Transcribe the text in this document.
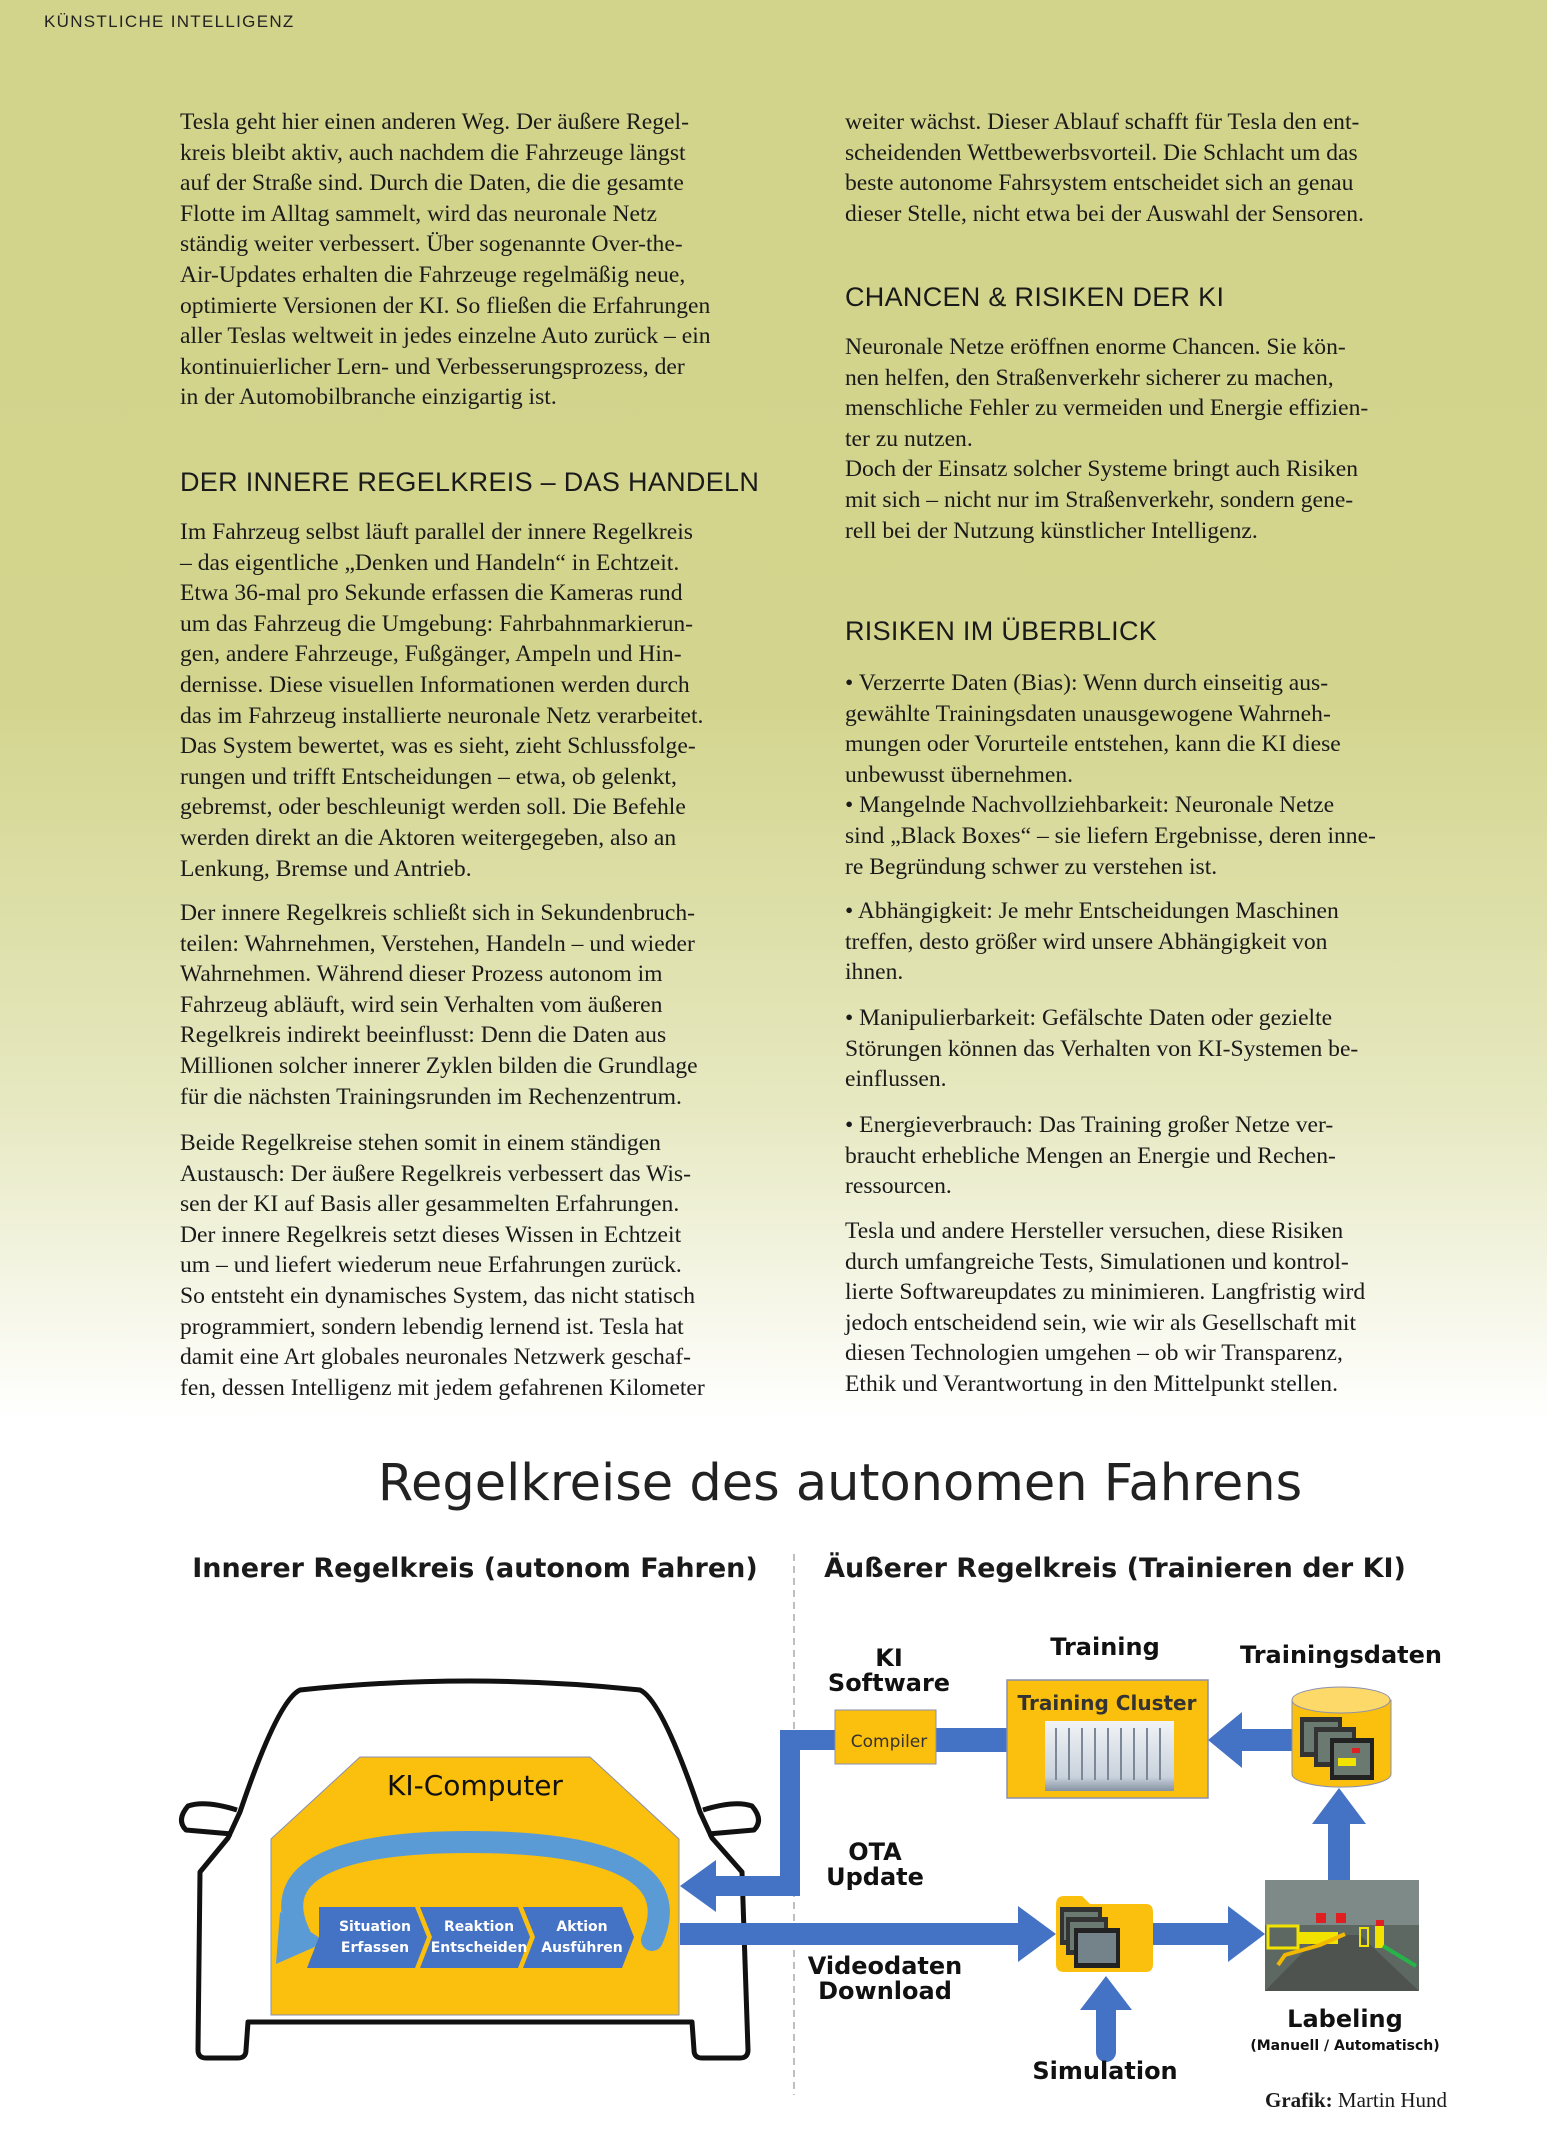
KÜNSTLICHE INTELLIGENZ
Tesla geht hier einen anderen Weg. Der äußere Regel-
kreis bleibt aktiv, auch nachdem die Fahrzeuge längst
auf der Straße sind. Durch die Daten, die die gesamte
Flotte im Alltag sammelt, wird das neuronale Netz
ständig weiter verbessert. Über sogenannte Over-the-
Air-Updates erhalten die Fahrzeuge regelmäßig neue,
optimierte Versionen der KI. So fließen die Erfahrungen
aller Teslas weltweit in jedes einzelne Auto zurück – ein
kontinuierlicher Lern- und Verbesserungsprozess, der
in der Automobilbranche einzigartig ist.
DER INNERE REGELKREIS – DAS HANDELN
Im Fahrzeug selbst läuft parallel der innere Regelkreis
– das eigentliche „Denken und Handeln“ in Echtzeit.
Etwa 36-mal pro Sekunde erfassen die Kameras rund
um das Fahrzeug die Umgebung: Fahrbahnmarkierun-
gen, andere Fahrzeuge, Fußgänger, Ampeln und Hin-
dernisse. Diese visuellen Informationen werden durch
das im Fahrzeug installierte neuronale Netz verarbeitet.
Das System bewertet, was es sieht, zieht Schlussfolge-
rungen und trifft Entscheidungen – etwa, ob gelenkt,
gebremst, oder beschleunigt werden soll. Die Befehle
werden direkt an die Aktoren weitergegeben, also an
Lenkung, Bremse und Antrieb.
Der innere Regelkreis schließt sich in Sekundenbruch-
teilen: Wahrnehmen, Verstehen, Handeln – und wieder
Wahrnehmen. Während dieser Prozess autonom im
Fahrzeug abläuft, wird sein Verhalten vom äußeren
Regelkreis indirekt beeinflusst: Denn die Daten aus
Millionen solcher innerer Zyklen bilden die Grundlage
für die nächsten Trainingsrunden im Rechenzentrum.
Beide Regelkreise stehen somit in einem ständigen
Austausch: Der äußere Regelkreis verbessert das Wis-
sen der KI auf Basis aller gesammelten Erfahrungen.
Der innere Regelkreis setzt dieses Wissen in Echtzeit
um – und liefert wiederum neue Erfahrungen zurück.
So entsteht ein dynamisches System, das nicht statisch
programmiert, sondern lebendig lernend ist. Tesla hat
damit eine Art globales neuronales Netzwerk geschaf-
fen, dessen Intelligenz mit jedem gefahrenen Kilometer
weiter wächst. Dieser Ablauf schafft für Tesla den ent-
scheidenden Wettbewerbsvorteil. Die Schlacht um das
beste autonome Fahrsystem entscheidet sich an genau
dieser Stelle, nicht etwa bei der Auswahl der Sensoren.
CHANCEN & RISIKEN DER KI
Neuronale Netze eröffnen enorme Chancen. Sie kön-
nen helfen, den Straßenverkehr sicherer zu machen,
menschliche Fehler zu vermeiden und Energie effizien-
ter zu nutzen.
Doch der Einsatz solcher Systeme bringt auch Risiken
mit sich – nicht nur im Straßenverkehr, sondern gene-
rell bei der Nutzung künstlicher Intelligenz.
RISIKEN IM ÜBERBLICK
• Verzerrte Daten (Bias): Wenn durch einseitig aus-
gewählte Trainingsdaten unausgewogene Wahrneh-
mungen oder Vorurteile entstehen, kann die KI diese
unbewusst übernehmen.
• Mangelnde Nachvollziehbarkeit: Neuronale Netze
sind „Black Boxes“ – sie liefern Ergebnisse, deren inne-
re Begründung schwer zu verstehen ist.
• Abhängigkeit: Je mehr Entscheidungen Maschinen
treffen, desto größer wird unsere Abhängigkeit von
ihnen.
• Manipulierbarkeit: Gefälschte Daten oder gezielte
Störungen können das Verhalten von KI-Systemen be-
einflussen.
• Energieverbrauch: Das Training großer Netze ver-
braucht erhebliche Mengen an Energie und Rechen-
ressourcen.
Tesla und andere Hersteller versuchen, diese Risiken
durch umfangreiche Tests, Simulationen und kontrol-
lierte Softwareupdates zu minimieren. Langfristig wird
jedoch entscheidend sein, wie wir als Gesellschaft mit
diesen Technologien umgehen – ob wir Transparenz,
Ethik und Verantwortung in den Mittelpunkt stellen.
Regelkreise des autonomen Fahrens
Innerer Regelkreis (autonom Fahren) Äußerer Regelkreis (Trainieren der KI)
KI-Computer
Situation
Erfassen
Reaktion
Entscheiden
Aktion
Ausführen
Compiler
KI
Software
Training
Training Cluster
Trainingsdaten
OTA
Update
Videodaten
Download
Labeling
(Manuell / Automatisch)
Simulation
Grafik: Martin Hund
